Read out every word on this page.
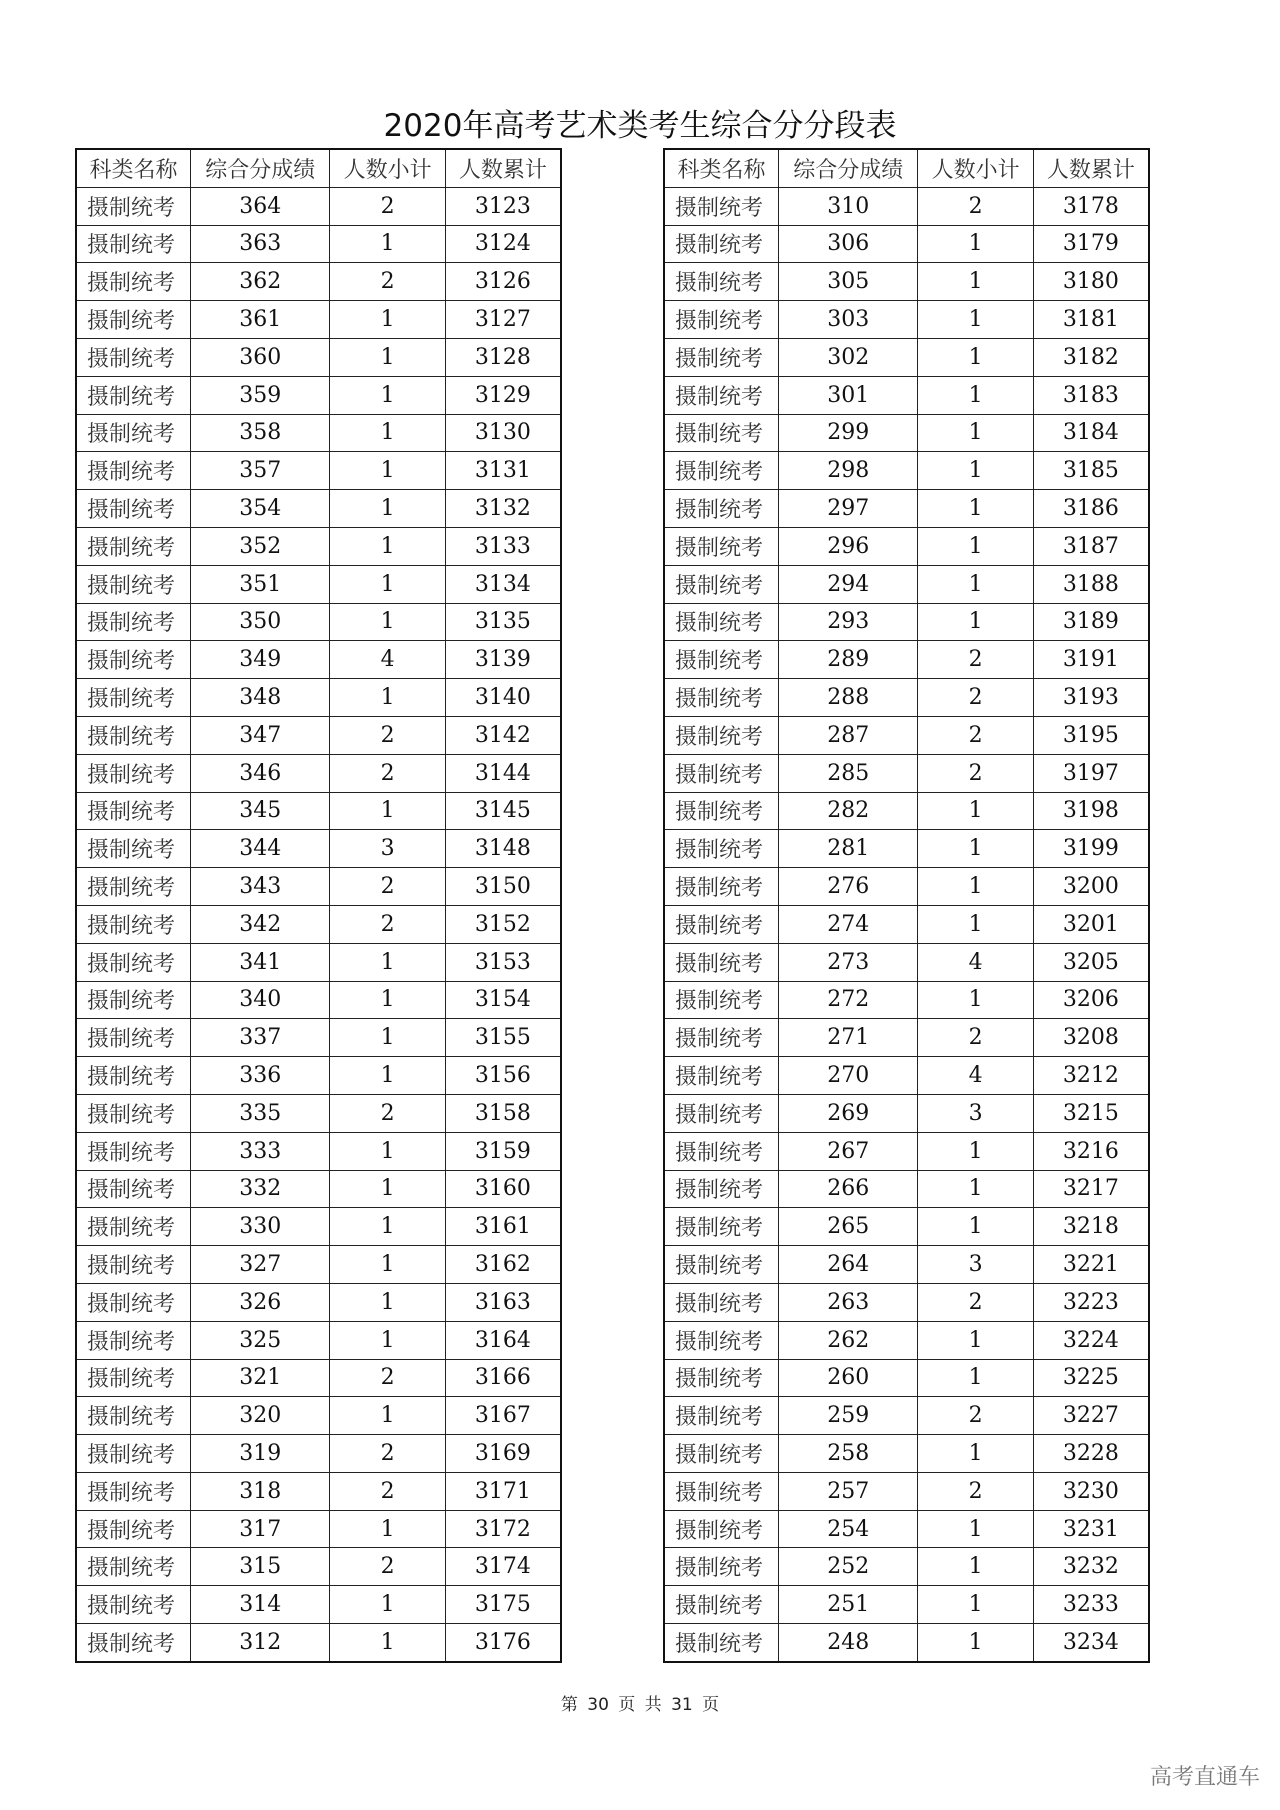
2020年高考艺术类考生综合分分段表
科类名称	综合分成绩	人数小计	人数累计
摄制统考	364	2	3123
摄制统考	363	1	3124
摄制统考	362	2	3126
摄制统考	361	1	3127
摄制统考	360	1	3128
摄制统考	359	1	3129
摄制统考	358	1	3130
摄制统考	357	1	3131
摄制统考	354	1	3132
摄制统考	352	1	3133
摄制统考	351	1	3134
摄制统考	350	1	3135
摄制统考	349	4	3139
摄制统考	348	1	3140
摄制统考	347	2	3142
摄制统考	346	2	3144
摄制统考	345	1	3145
摄制统考	344	3	3148
摄制统考	343	2	3150
摄制统考	342	2	3152
摄制统考	341	1	3153
摄制统考	340	1	3154
摄制统考	337	1	3155
摄制统考	336	1	3156
摄制统考	335	2	3158
摄制统考	333	1	3159
摄制统考	332	1	3160
摄制统考	330	1	3161
摄制统考	327	1	3162
摄制统考	326	1	3163
摄制统考	325	1	3164
摄制统考	321	2	3166
摄制统考	320	1	3167
摄制统考	319	2	3169
摄制统考	318	2	3171
摄制统考	317	1	3172
摄制统考	315	2	3174
摄制统考	314	1	3175
摄制统考	312	1	3176
科类名称	综合分成绩	人数小计	人数累计
摄制统考	310	2	3178
摄制统考	306	1	3179
摄制统考	305	1	3180
摄制统考	303	1	3181
摄制统考	302	1	3182
摄制统考	301	1	3183
摄制统考	299	1	3184
摄制统考	298	1	3185
摄制统考	297	1	3186
摄制统考	296	1	3187
摄制统考	294	1	3188
摄制统考	293	1	3189
摄制统考	289	2	3191
摄制统考	288	2	3193
摄制统考	287	2	3195
摄制统考	285	2	3197
摄制统考	282	1	3198
摄制统考	281	1	3199
摄制统考	276	1	3200
摄制统考	274	1	3201
摄制统考	273	4	3205
摄制统考	272	1	3206
摄制统考	271	2	3208
摄制统考	270	4	3212
摄制统考	269	3	3215
摄制统考	267	1	3216
摄制统考	266	1	3217
摄制统考	265	1	3218
摄制统考	264	3	3221
摄制统考	263	2	3223
摄制统考	262	1	3224
摄制统考	260	1	3225
摄制统考	259	2	3227
摄制统考	258	1	3228
摄制统考	257	2	3230
摄制统考	254	1	3231
摄制统考	252	1	3232
摄制统考	251	1	3233
摄制统考	248	1	3234
第 30 页 共 31 页
高考直通车
